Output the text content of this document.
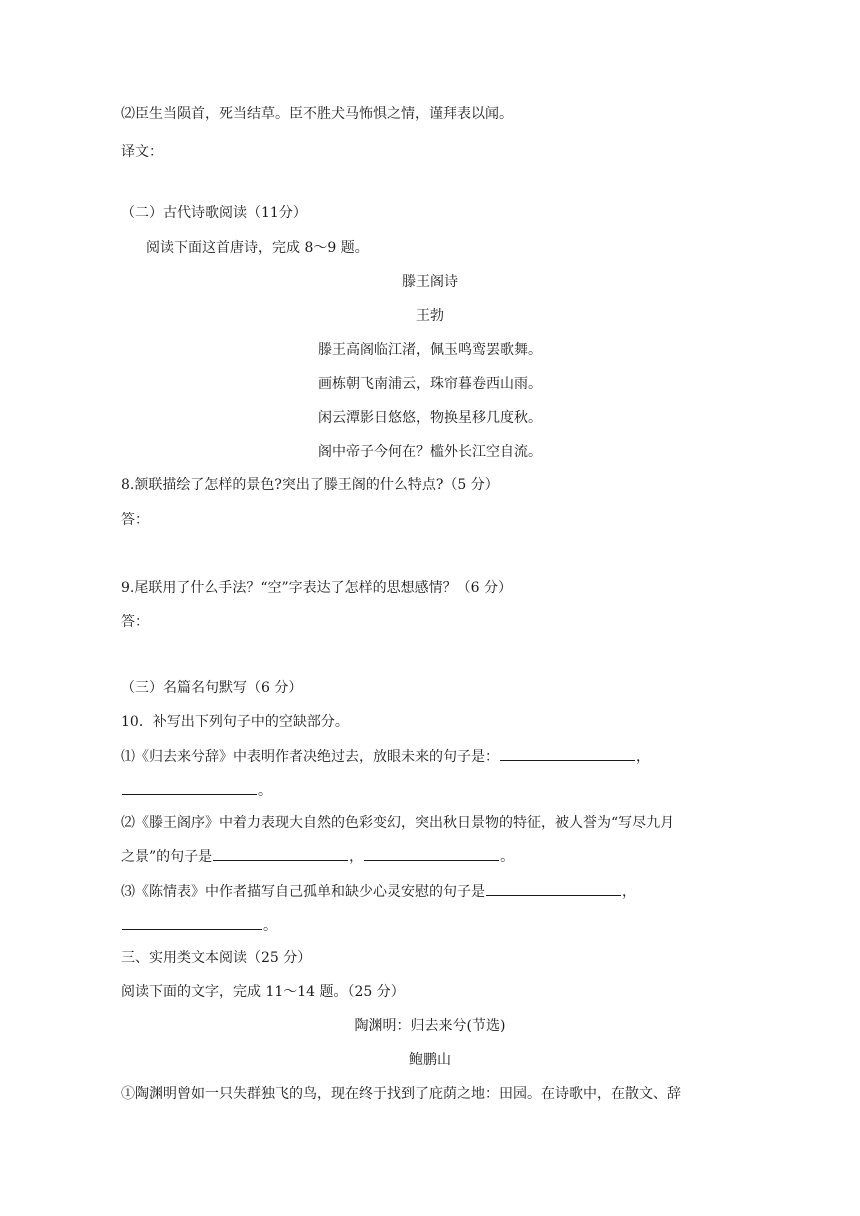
⑵臣生当陨首，死当结草。臣不胜犬马怖惧之情，谨拜表以闻。
译文：
（二）古代诗歌阅读（11分）
阅读下面这首唐诗，完成 8～9 题。
滕王阁诗
王勃
滕王高阁临江渚，佩玉鸣鸾罢歌舞。
画栋朝飞南浦云，珠帘暮卷西山雨。
闲云潭影日悠悠，物换星移几度秋。
阁中帝子今何在？槛外长江空自流。
8.颔联描绘了怎样的景色?突出了滕王阁的什么特点?（5 分）
答：
9.尾联用了什么手法？“空”字表达了怎样的思想感情？（6 分）
答：
（三）名篇名句默写（6 分）
10．补写出下列句子中的空缺部分。
⑴《归去来兮辞》中表明作者决绝过去，放眼未来的句子是：	，
。
⑵《滕王阁序》中着力表现大自然的色彩变幻，突出秋日景物的特征，被人誉为“写尽九月
之景”的句子是	，	。
⑶《陈情表》中作者描写自己孤单和缺少心灵安慰的句子是	，
。
三、实用类文本阅读（25 分）
阅读下面的文字，完成 11～14 题。（25 分）
陶渊明：归去来兮(节选)
鲍鹏山
①陶渊明曾如一只失群独飞的鸟，现在终于找到了庇荫之地：田园。在诗歌中，在散文、辞
